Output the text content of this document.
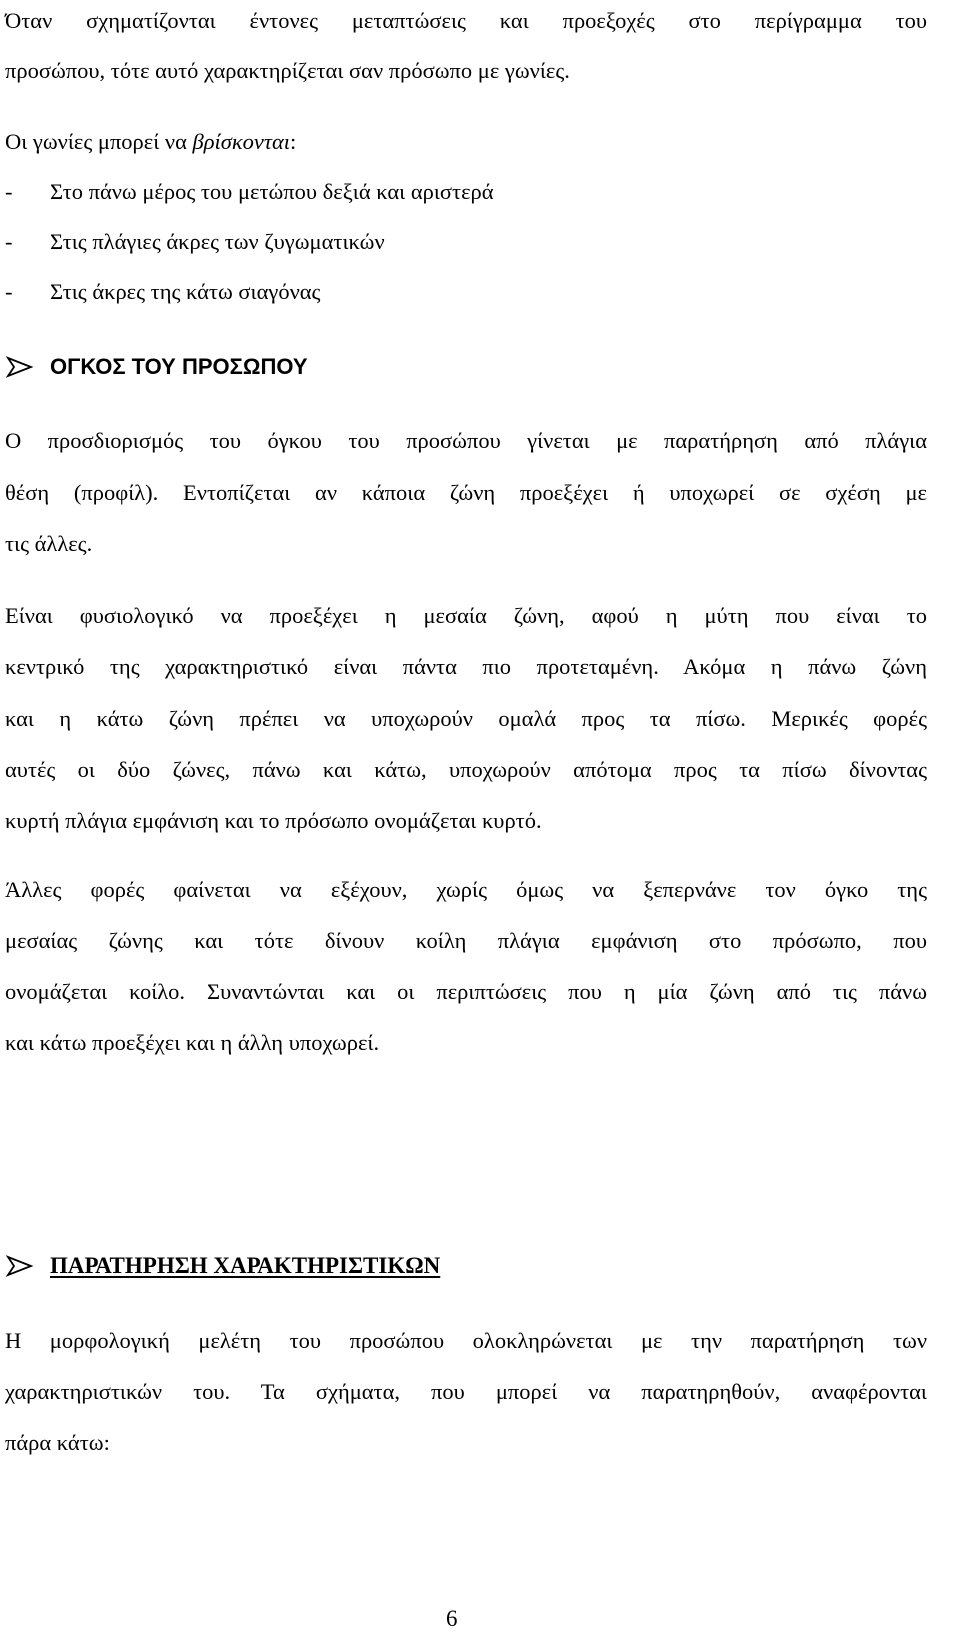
Όταν σχηματίζονται έντονες μεταπτώσεις και προεξοχές στο περίγραμμα του
προσώπου, τότε αυτό χαρακτηρίζεται σαν πρόσωπο με γωνίες.
Οι γωνίες μπορεί να βρίσκονται:
- Στο πάνω μέρος του μετώπου δεξιά και αριστερά
- Στις πλάγιες άκρες των ζυγωματικών
- Στις άκρες της κάτω σιαγόνας
ΟΓΚΟΣ ΤΟΥ ΠΡΟΣΩΠΟΥ
Ο προσδιορισμός του όγκου του προσώπου γίνεται με παρατήρηση από πλάγια
θέση (προφίλ). Εντοπίζεται αν κάποια ζώνη προεξέχει ή υποχωρεί σε σχέση με
τις άλλες.
Είναι φυσιολογικό να προεξέχει η μεσαία ζώνη, αφού η μύτη που είναι το
κεντρικό της χαρακτηριστικό είναι πάντα πιο προτεταμένη. Ακόμα η πάνω ζώνη
και η κάτω ζώνη πρέπει να υποχωρούν ομαλά προς τα πίσω. Μερικές φορές
αυτές οι δύο ζώνες, πάνω και κάτω, υποχωρούν απότομα προς τα πίσω δίνοντας
κυρτή πλάγια εμφάνιση και το πρόσωπο ονομάζεται κυρτό.
Άλλες φορές φαίνεται να εξέχουν, χωρίς όμως να ξεπερνάνε τον όγκο της
μεσαίας ζώνης και τότε δίνουν κοίλη πλάγια εμφάνιση στο πρόσωπο, που
ονομάζεται κοίλο. Συναντώνται και οι περιπτώσεις που η μία ζώνη από τις πάνω
και κάτω προεξέχει και η άλλη υποχωρεί.
ΠΑΡΑΤΗΡΗΣΗ ΧΑΡΑΚΤΗΡΙΣΤΙΚΩΝ
Η μορφολογική μελέτη του προσώπου ολοκληρώνεται με την παρατήρηση των
χαρακτηριστικών του. Τα σχήματα, που μπορεί να παρατηρηθούν, αναφέρονται
πάρα κάτω:
6
